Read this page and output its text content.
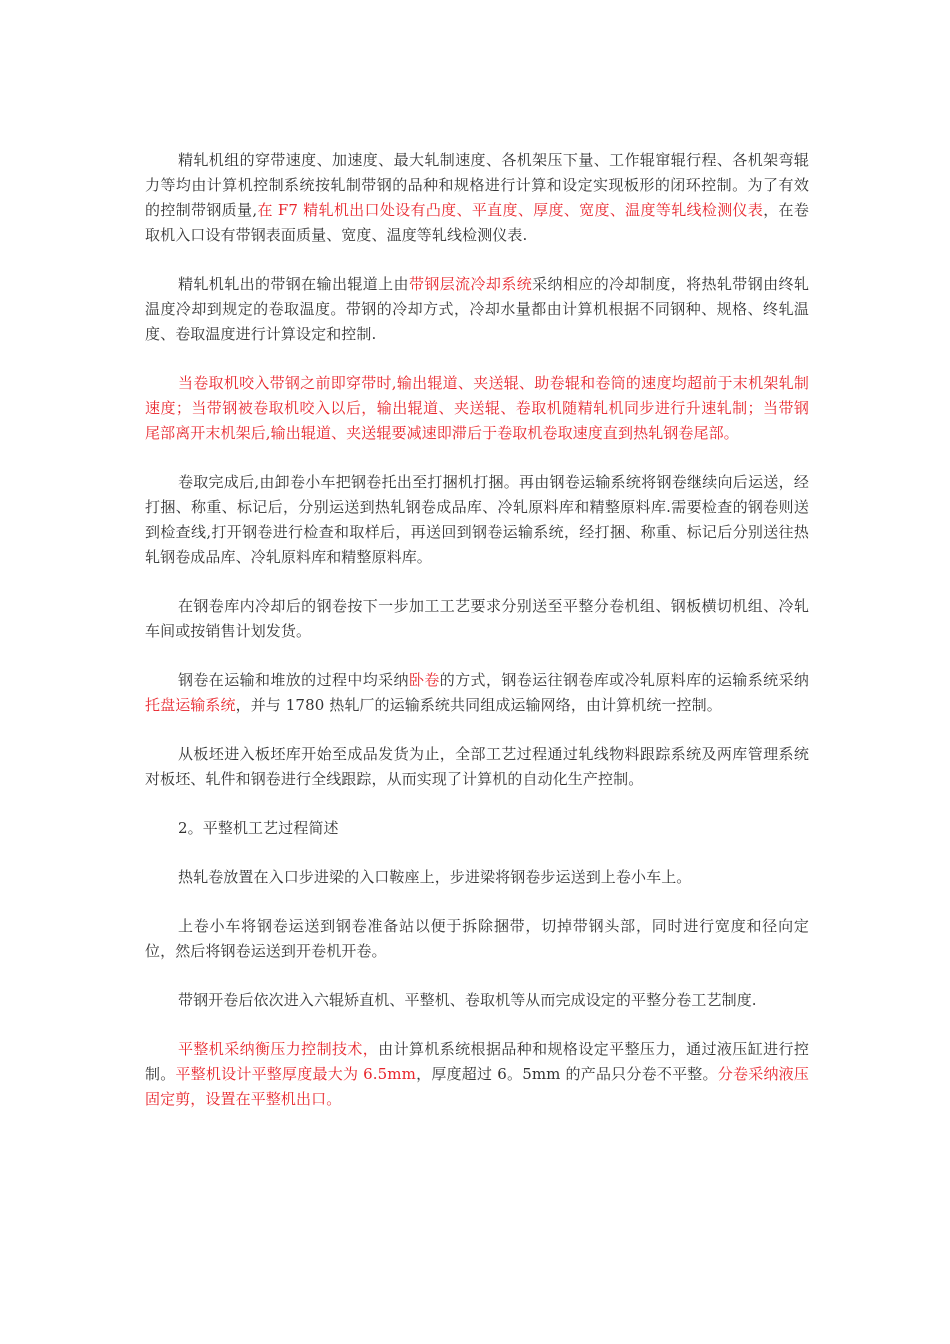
精轧机组的穿带速度、加速度、最大轧制速度、各机架压下量、工作辊窜辊行程、各机架弯辊力等均由计算机控制系统按轧制带钢的品种和规格进行计算和设定实现板形的闭环控制。为了有效的控制带钢质量,在 F7 精轧机出口处设有凸度、平直度、厚度、宽度、温度等轧线检测仪表，在卷取机入口设有带钢表面质量、宽度、温度等轧线检测仪表.

精轧机轧出的带钢在输出辊道上由带钢层流冷却系统采纳相应的冷却制度，将热轧带钢由终轧温度冷却到规定的卷取温度。带钢的冷却方式，冷却水量都由计算机根据不同钢种、规格、终轧温度、卷取温度进行计算设定和控制.

当卷取机咬入带钢之前即穿带时,输出辊道、夹送辊、助卷辊和卷筒的速度均超前于末机架轧制速度；当带钢被卷取机咬入以后，输出辊道、夹送辊、卷取机随精轧机同步进行升速轧制；当带钢尾部离开末机架后,输出辊道、夹送辊要减速即滞后于卷取机卷取速度直到热轧钢卷尾部。

卷取完成后,由卸卷小车把钢卷托出至打捆机打捆。再由钢卷运输系统将钢卷继续向后运送，经打捆、称重、标记后，分别运送到热轧钢卷成品库、冷轧原料库和精整原料库.需要检查的钢卷则送到检查线,打开钢卷进行检查和取样后，再送回到钢卷运输系统，经打捆、称重、标记后分别送往热轧钢卷成品库、冷轧原料库和精整原料库。

在钢卷库内冷却后的钢卷按下一步加工工艺要求分别送至平整分卷机组、钢板横切机组、冷轧车间或按销售计划发货。

钢卷在运输和堆放的过程中均采纳卧卷的方式，钢卷运往钢卷库或冷轧原料库的运输系统采纳托盘运输系统，并与 1780 热轧厂的运输系统共同组成运输网络，由计算机统一控制。

从板坯进入板坯库开始至成品发货为止，全部工艺过程通过轧线物料跟踪系统及两库管理系统对板坯、轧件和钢卷进行全线跟踪，从而实现了计算机的自动化生产控制。

2。平整机工艺过程简述

热轧卷放置在入口步进梁的入口鞍座上，步进梁将钢卷步运送到上卷小车上。

上卷小车将钢卷运送到钢卷准备站以便于拆除捆带，切掉带钢头部，同时进行宽度和径向定位，然后将钢卷运送到开卷机开卷。

带钢开卷后依次进入六辊矫直机、平整机、卷取机等从而完成设定的平整分卷工艺制度.

平整机采纳衡压力控制技术，由计算机系统根据品种和规格设定平整压力，通过液压缸进行控制。平整机设计平整厚度最大为 6.5mm，厚度超过 6。5mm 的产品只分卷不平整。分卷采纳液压固定剪，设置在平整机出口。
